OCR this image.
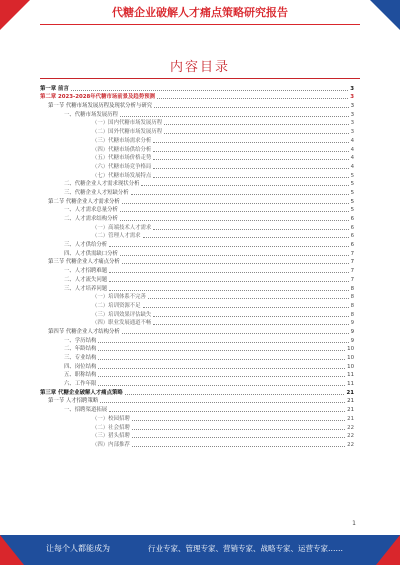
代糖企业破解人才痛点策略研究报告
内容目录
第一章 前言	3
第二章 2023-2028年代糖市场前景及趋势预测	3
第一节 代糖市场发展历程及现状分析与研究	3
一、代糖市场发展历程	3
（一）国内代糖市场发展历程	3
（二）国外代糖市场发展历程	3
（三）代糖市场需求分析	4
（四）代糖市场供给分析	4
（五）代糖市场价格走势	4
（六）代糖市场竞争格局	4
（七）代糖市场发展特点	5
二、代糖企业人才需求现状分析	5
三、代糖企业人才短缺分析	5
第二节 代糖企业人才需求分析	5
一、人才需求总量分析	5
二、人才需求结构分析	6
（一）高端技术人才需求	6
（二）管理人才需求	6
三、人才供给分析	6
四、人才供需缺口分析	7
第三节 代糖企业人才痛点分析	7
一、人才招聘难题	7
二、人才流失问题	7
三、人才培养问题	8
（一）培训体系不完善	8
（二）培训资源不足	8
（三）培训效果评估缺失	8
（四）职业发展通道不畅	9
第四节 代糖企业人才结构分析	9
一、学历结构	9
二、年龄结构	10
三、专业结构	10
四、岗位结构	10
五、职称结构	11
六、工作年限	11
第三章 代糖企业破解人才痛点策略	21
第一节 人才招聘策略	21
一、招聘渠道拓展	21
（一）校园招聘	21
（二）社会招聘	22
（三）猎头招聘	22
（四）内部推荐	22
1
让每个人都能成为	行业专家、管理专家、营销专家、战略专家、运营专家……
